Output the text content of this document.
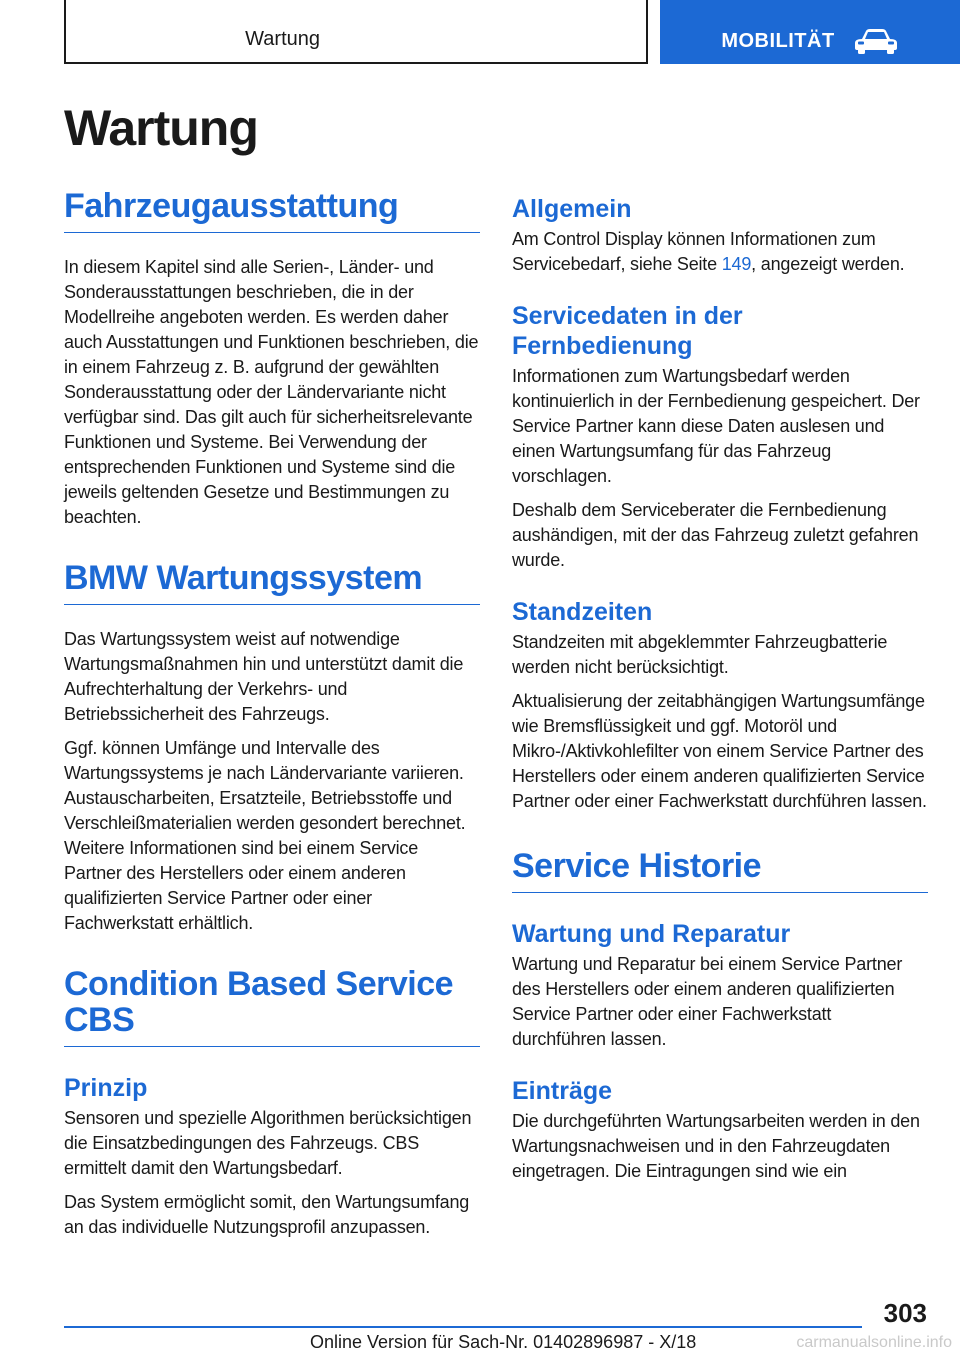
Wartung	MOBILITÄT
Wartung
Fahrzeugausstattung

In diesem Kapitel sind alle Serien-, Länder- und Sonderausstattungen beschrieben, die in der Modellreihe angeboten werden. Es werden daher auch Ausstattungen und Funktionen beschrieben, die in einem Fahrzeug z. B. aufgrund der gewählten Sonderausstattung oder der Ländervariante nicht verfügbar sind. Das gilt auch für sicherheitsrelevante Funktionen und Systeme. Bei Verwendung der entsprechenden Funktionen und Systeme sind die jeweils geltenden Gesetze und Bestimmungen zu beachten.

BMW Wartungssystem

Das Wartungssystem weist auf notwendige Wartungsmaßnahmen hin und unterstützt damit die Aufrechterhaltung der Verkehrs- und Betriebssicherheit des Fahrzeugs.

Ggf. können Umfänge und Intervalle des Wartungssystems je nach Ländervariante variieren. Austauscharbeiten, Ersatzteile, Betriebsstoffe und Verschleißmaterialien werden gesondert berechnet. Weitere Informationen sind bei einem Service Partner des Herstellers oder einem anderen qualifizierten Service Partner oder einer Fachwerkstatt erhältlich.

Condition Based Service CBS
Prinzip

Sensoren und spezielle Algorithmen berücksichtigen die Einsatzbedingungen des Fahrzeugs. CBS ermittelt damit den Wartungsbedarf.

Das System ermöglicht somit, den Wartungsumfang an das individuelle Nutzungsprofil anzupassen.

Allgemein

Am Control Display können Informationen zum Servicebedarf, siehe Seite 149, angezeigt werden.

Servicedaten in der Fernbedienung

Informationen zum Wartungsbedarf werden kontinuierlich in der Fernbedienung gespeichert. Der Service Partner kann diese Daten auslesen und einen Wartungsumfang für das Fahrzeug vorschlagen.

Deshalb dem Serviceberater die Fernbedienung aushändigen, mit der das Fahrzeug zuletzt gefahren wurde.

Standzeiten

Standzeiten mit abgeklemmter Fahrzeugbatterie werden nicht berücksichtigt.

Aktualisierung der zeitabhängigen Wartungsumfänge wie Bremsflüssigkeit und ggf. Motoröl und Mikro-/Aktivkohlefilter von einem Service Partner des Herstellers oder einem anderen qualifizierten Service Partner oder einer Fachwerkstatt durchführen lassen.

Service Historie
Wartung und Reparatur

Wartung und Reparatur bei einem Service Partner des Herstellers oder einem anderen qualifizierten Service Partner oder einer Fachwerkstatt durchführen lassen.

Einträge

Die durchgeführten Wartungsarbeiten werden in den Wartungsnachweisen und in den Fahrzeugdaten eingetragen. Die Eintragungen sind wie ein

303
Online Version für Sach-Nr. 01402896987 - X/18	carmanualsonline.info
